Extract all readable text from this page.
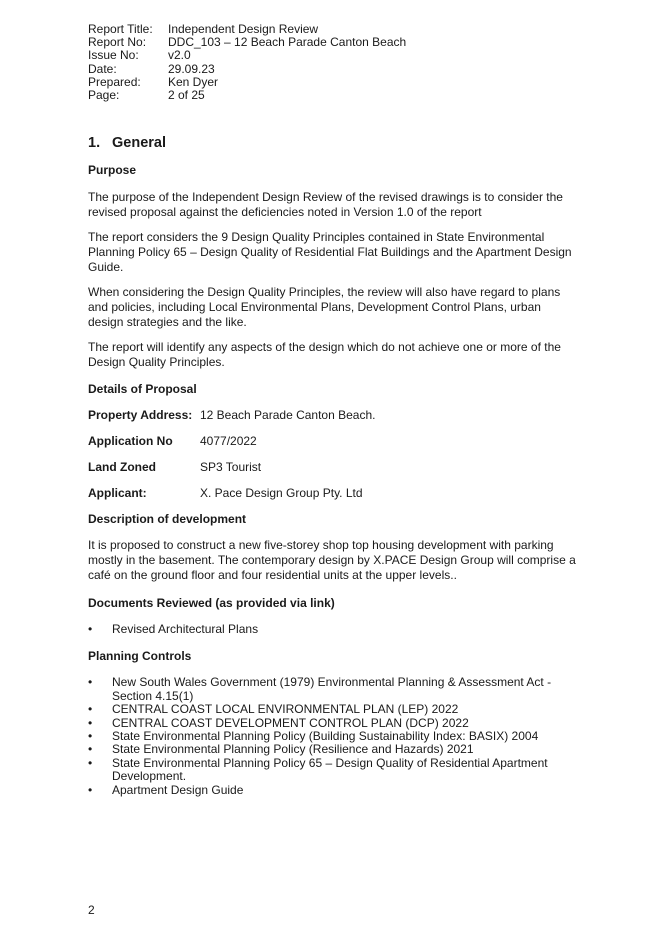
Report Title:	Independent Design Review
Report No:	DDC_103 – 12 Beach Parade Canton Beach
Issue No:	v2.0
Date:	29.09.23
Prepared:	Ken Dyer
Page:	2 of 25
1. General

Purpose

The purpose of the Independent Design Review of the revised drawings is to consider the revised proposal against the deficiencies noted in Version 1.0 of the report

The report considers the 9 Design Quality Principles contained in State Environmental Planning Policy 65 – Design Quality of Residential Flat Buildings and the Apartment Design Guide.

When considering the Design Quality Principles, the review will also have regard to plans and policies, including Local Environmental Plans, Development Control Plans, urban design strategies and the like.

The report will identify any aspects of the design which do not achieve one or more of the Design Quality Principles.

Details of Proposal

Property Address: 12 Beach Parade Canton Beach.
Application No	4077/2022
Land Zoned	SP3 Tourist
Applicant:	X. Pace Design Group Pty. Ltd

Description of development

It is proposed to construct a new five-storey shop top housing development with parking mostly in the basement. The contemporary design by X.PACE Design Group will comprise a café on the ground floor and four residential units at the upper levels..

Documents Reviewed (as provided via link)

• Revised Architectural Plans

Planning Controls

• New South Wales Government (1979) Environmental Planning & Assessment Act - Section 4.15(1)
• CENTRAL COAST LOCAL ENVIRONMENTAL PLAN (LEP) 2022
• CENTRAL COAST DEVELOPMENT CONTROL PLAN (DCP) 2022
• State Environmental Planning Policy (Building Sustainability Index: BASIX) 2004
• State Environmental Planning Policy (Resilience and Hazards) 2021
• State Environmental Planning Policy 65 – Design Quality of Residential Apartment Development.
• Apartment Design Guide
2
